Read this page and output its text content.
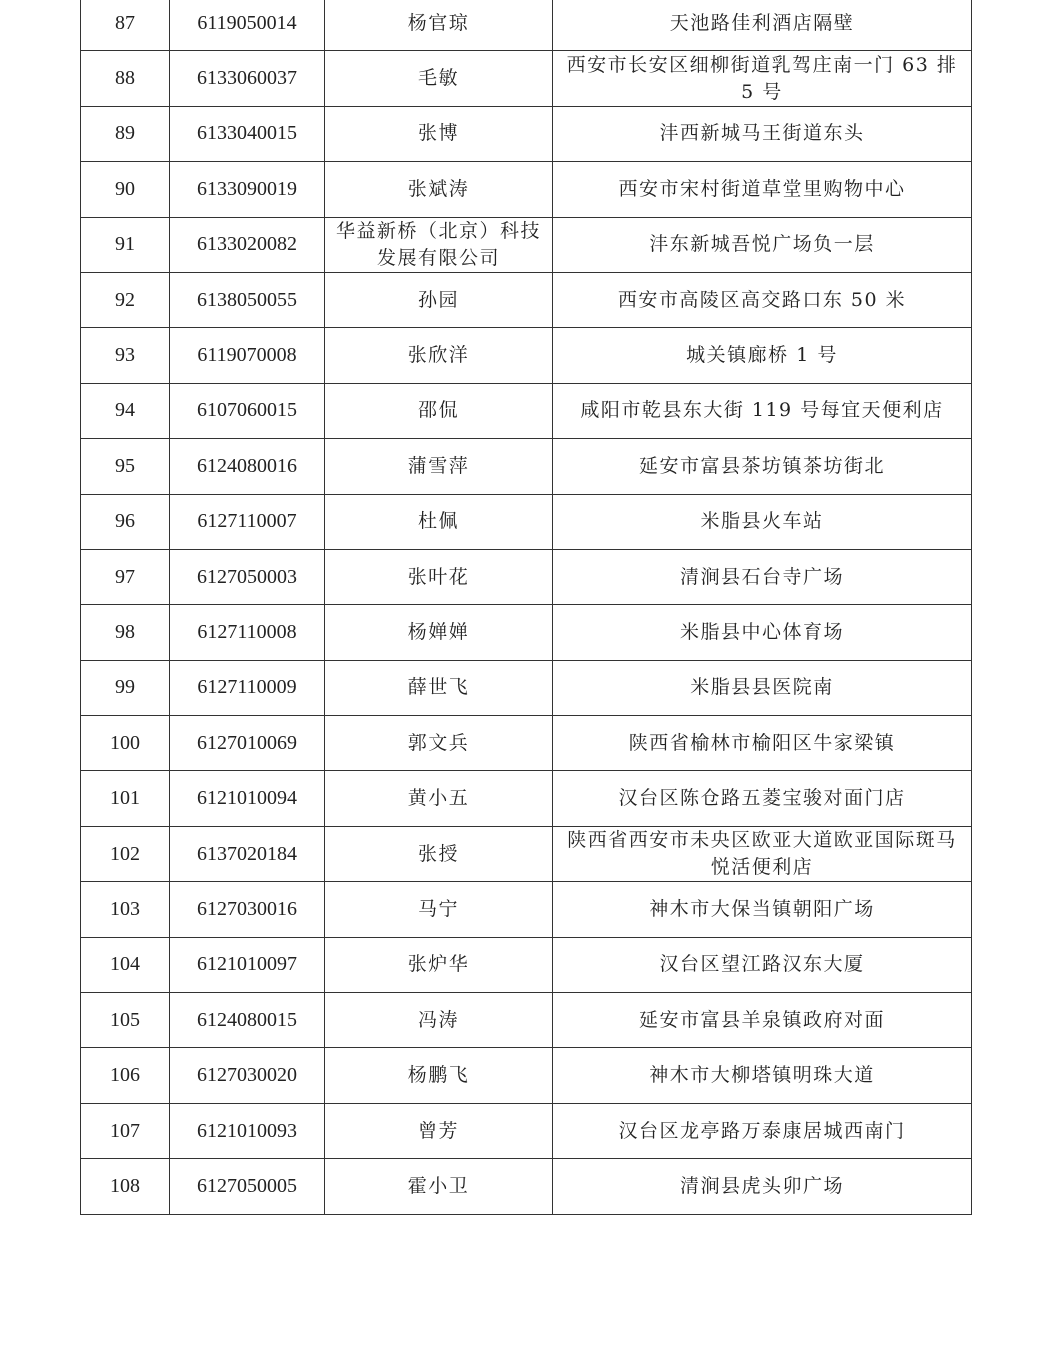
87	6119050014	杨官琼	天池路佳利酒店隔壁
88	6133060037	毛敏	西安市长安区细柳街道乳驾庄南一门 63 排 5 号
89	6133040015	张博	沣西新城马王街道东头
90	6133090019	张斌涛	西安市宋村街道草堂里购物中心
91	6133020082	华益新桥（北京）科技发展有限公司	沣东新城吾悦广场负一层
92	6138050055	孙园	西安市高陵区高交路口东 50 米
93	6119070008	张欣洋	城关镇廊桥 1 号
94	6107060015	邵侃	咸阳市乾县东大街 119 号每宜天便利店
95	6124080016	蒲雪萍	延安市富县茶坊镇茶坊街北
96	6127110007	杜佩	米脂县火车站
97	6127050003	张叶花	清涧县石台寺广场
98	6127110008	杨婵婵	米脂县中心体育场
99	6127110009	薛世飞	米脂县县医院南
100	6127010069	郭文兵	陕西省榆林市榆阳区牛家梁镇
101	6121010094	黄小五	汉台区陈仓路五菱宝骏对面门店
102	6137020184	张授	陕西省西安市未央区欧亚大道欧亚国际斑马悦活便利店
103	6127030016	马宁	神木市大保当镇朝阳广场
104	6121010097	张炉华	汉台区望江路汉东大厦
105	6124080015	冯涛	延安市富县羊泉镇政府对面
106	6127030020	杨鹏飞	神木市大柳塔镇明珠大道
107	6121010093	曾芳	汉台区龙亭路万泰康居城西南门
108	6127050005	霍小卫	清涧县虎头卯广场
